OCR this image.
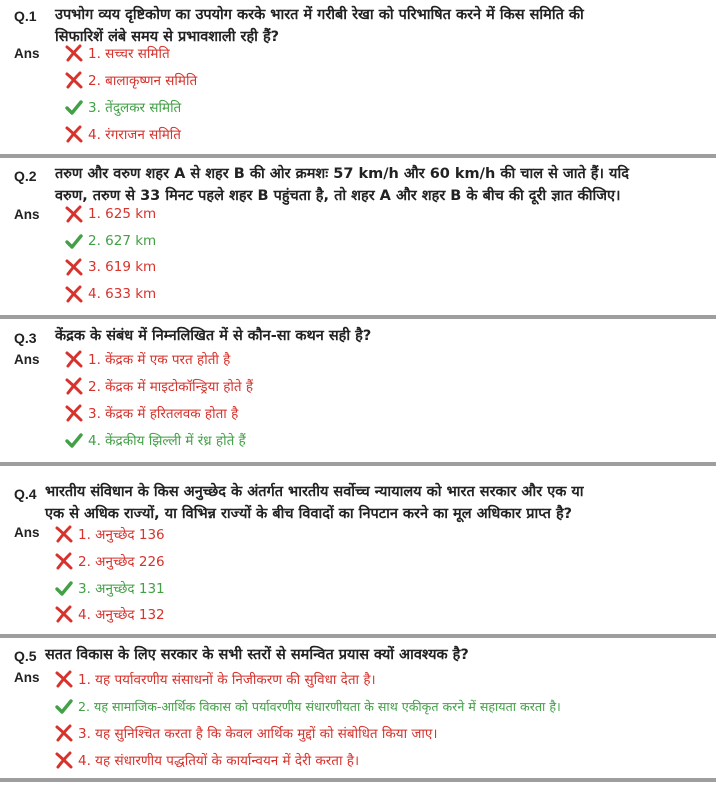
Q.1 उपभोग व्यय दृष्टिकोण का उपयोग करके भारत में गरीबी रेखा को परिभाषित करने में किस समिति की
सिफारिशें लंबे समय से प्रभावशाली रही हैं?
Ans	1. सच्चर समिति
2. बालाकृष्णन समिति
3. तेंदुलकर समिति
4. रंगराजन समिति
Q.2 तरुण और वरुण शहर A से शहर B की ओर क्रमशः 57 km/h और 60 km/h की चाल से जाते हैं। यदि
वरुण, तरुण से 33 मिनट पहले शहर B पहुंचता है, तो शहर A और शहर B के बीच की दूरी ज्ञात कीजिए।
Ans	1. 625 km
2. 627 km
3. 619 km
4. 633 km
Q.3 केंद्रक के संबंध में निम्नलिखित में से कौन-सा कथन सही है?
Ans	1. केंद्रक में एक परत होती है
2. केंद्रक में माइटोकॉन्ड्रिया होते हैं
3. केंद्रक में हरितलवक होता है
4. केंद्रकीय झिल्ली में रंध्र होते हैं
Q.4 भारतीय संविधान के किस अनुच्छेद के अंतर्गत भारतीय सर्वोच्च न्यायालय को भारत सरकार और एक या
एक से अधिक राज्यों, या विभिन्न राज्यों के बीच विवादों का निपटान करने का मूल अधिकार प्राप्त है?
Ans	1. अनुच्छेद 136
2. अनुच्छेद 226
3. अनुच्छेद 131
4. अनुच्छेद 132
Q.5 सतत विकास के लिए सरकार के सभी स्तरों से समन्वित प्रयास क्यों आवश्यक है?
Ans	1. यह पर्यावरणीय संसाधनों के निजीकरण की सुविधा देता है।
2. यह सामाजिक-आर्थिक विकास को पर्यावरणीय संधारणीयता के साथ एकीकृत करने में सहायता करता है।
3. यह सुनिश्चित करता है कि केवल आर्थिक मुद्दों को संबोधित किया जाए।
4. यह संधारणीय पद्धतियों के कार्यान्वयन में देरी करता है।
